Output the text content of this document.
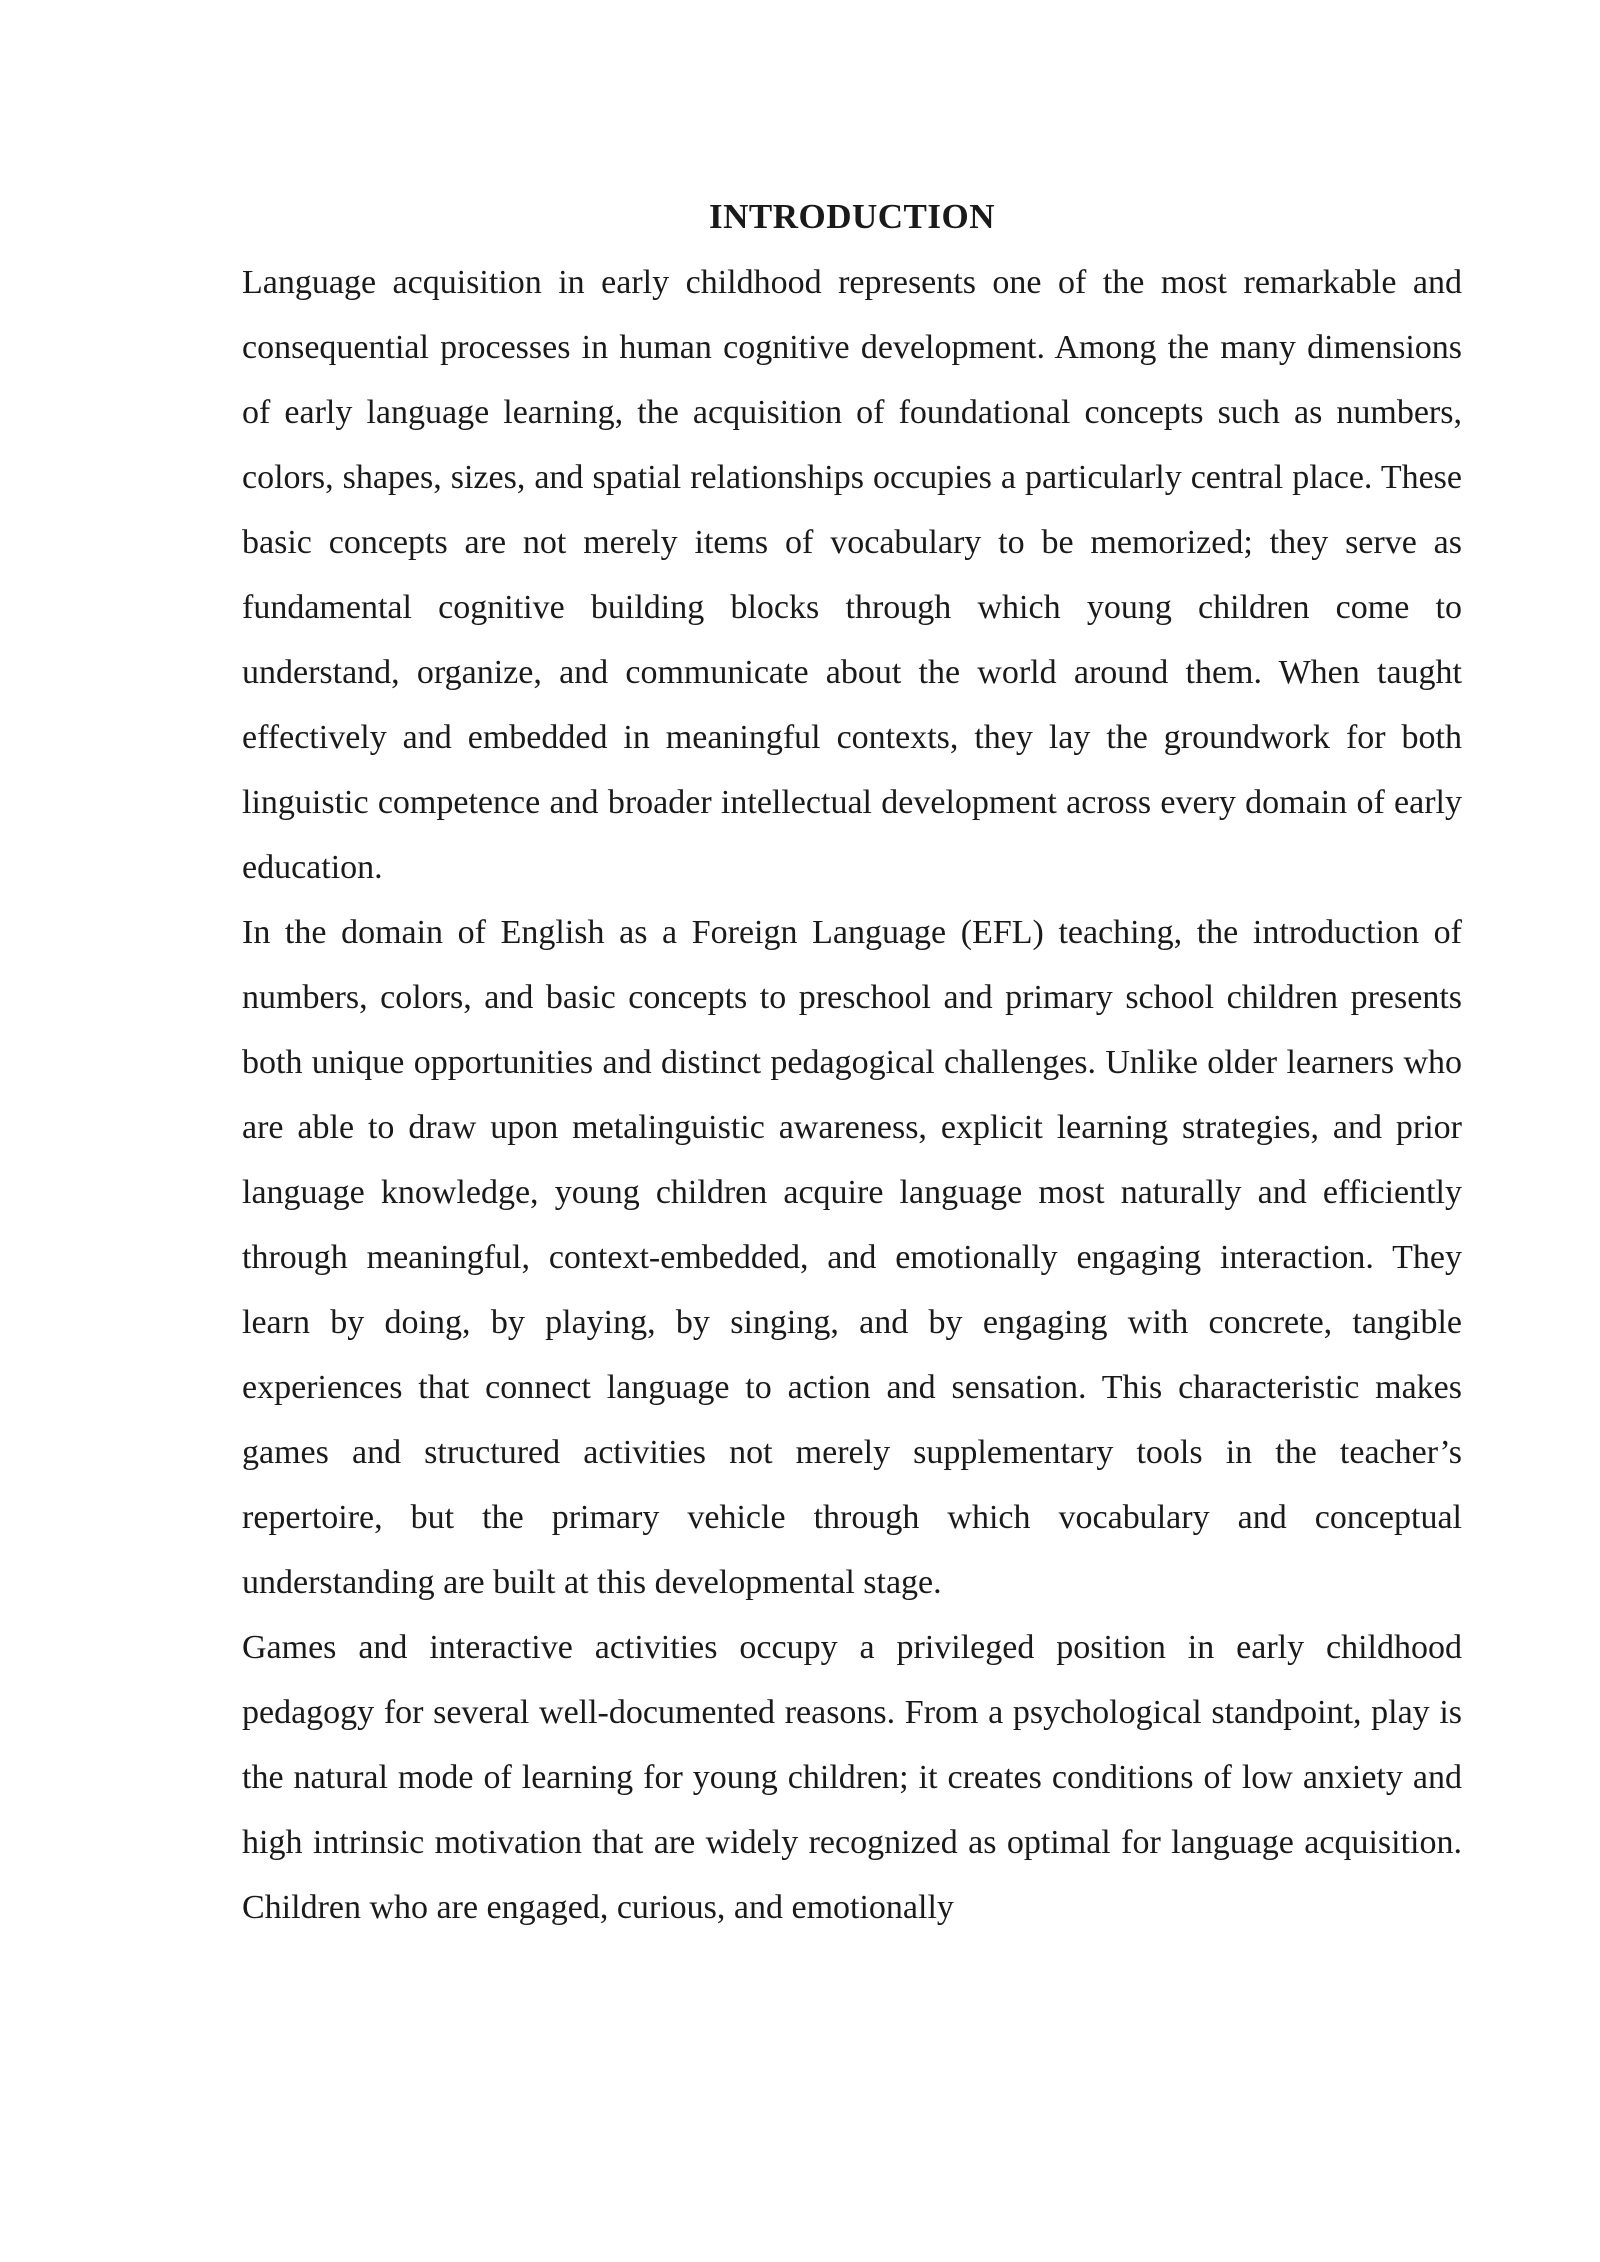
INTRODUCTION

Language acquisition in early childhood represents one of the most remarkable and consequential processes in human cognitive development. Among the many dimensions of early language learning, the acquisition of foundational concepts such as numbers, colors, shapes, sizes, and spatial relationships occupies a particularly central place. These basic concepts are not merely items of vocabulary to be memorized; they serve as fundamental cognitive building blocks through which young children come to understand, organize, and communicate about the world around them. When taught effectively and embedded in meaningful contexts, they lay the groundwork for both linguistic competence and broader intellectual development across every domain of early education.

In the domain of English as a Foreign Language (EFL) teaching, the introduction of numbers, colors, and basic concepts to preschool and primary school children presents both unique opportunities and distinct pedagogical challenges. Unlike older learners who are able to draw upon metalinguistic awareness, explicit learning strategies, and prior language knowledge, young children acquire language most naturally and efficiently through meaningful, context-embedded, and emotionally engaging interaction. They learn by doing, by playing, by singing, and by engaging with concrete, tangible experiences that connect language to action and sensation. This characteristic makes games and structured activities not merely supplementary tools in the teacher’s repertoire, but the primary vehicle through which vocabulary and conceptual understanding are built at this developmental stage.

Games and interactive activities occupy a privileged position in early childhood pedagogy for several well-documented reasons. From a psychological standpoint, play is the natural mode of learning for young children; it creates conditions of low anxiety and high intrinsic motivation that are widely recognized as optimal for language acquisition. Children who are engaged, curious, and emotionally
